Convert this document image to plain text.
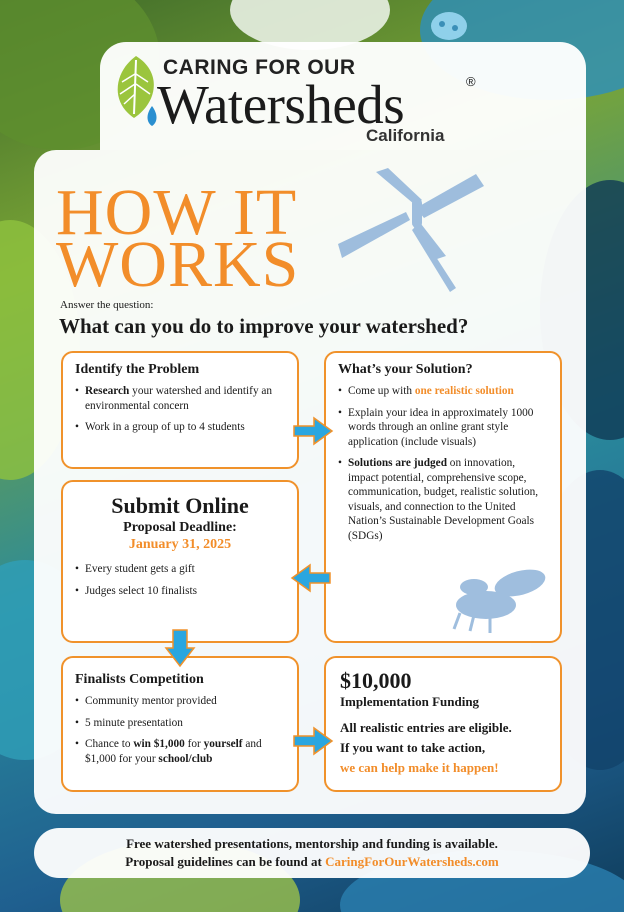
CARING FOR OUR
Watersheds	®
California
HOW IT
WORKS
Answer the question:
What can you do to improve your watershed?
Identify the Problem
• Research your watershed and identify an environmental concern
• Work in a group of up to 4 students
What’s your Solution?
• Come up with one realistic solution
• Explain your idea in approximately 1000 words through an online grant style application (include visuals)
• Solutions are judged on innovation, impact potential, comprehensive scope, communication, budget, realistic solution, visuals, and connection to the United Nation’s Sustainable Development Goals (SDGs)
Submit Online
Proposal Deadline:
January 31, 2025
• Every student gets a gift
• Judges select 10 finalists
Finalists Competition
• Community mentor provided
• 5 minute presentation
• Chance to win $1,000 for yourself and $1,000 for your school/club
$10,000
Implementation Funding
All realistic entries are eligible.
If you want to take action,
we can help make it happen!
Free watershed presentations, mentorship and funding is available.
Proposal guidelines can be found at CaringForOurWatersheds.com
